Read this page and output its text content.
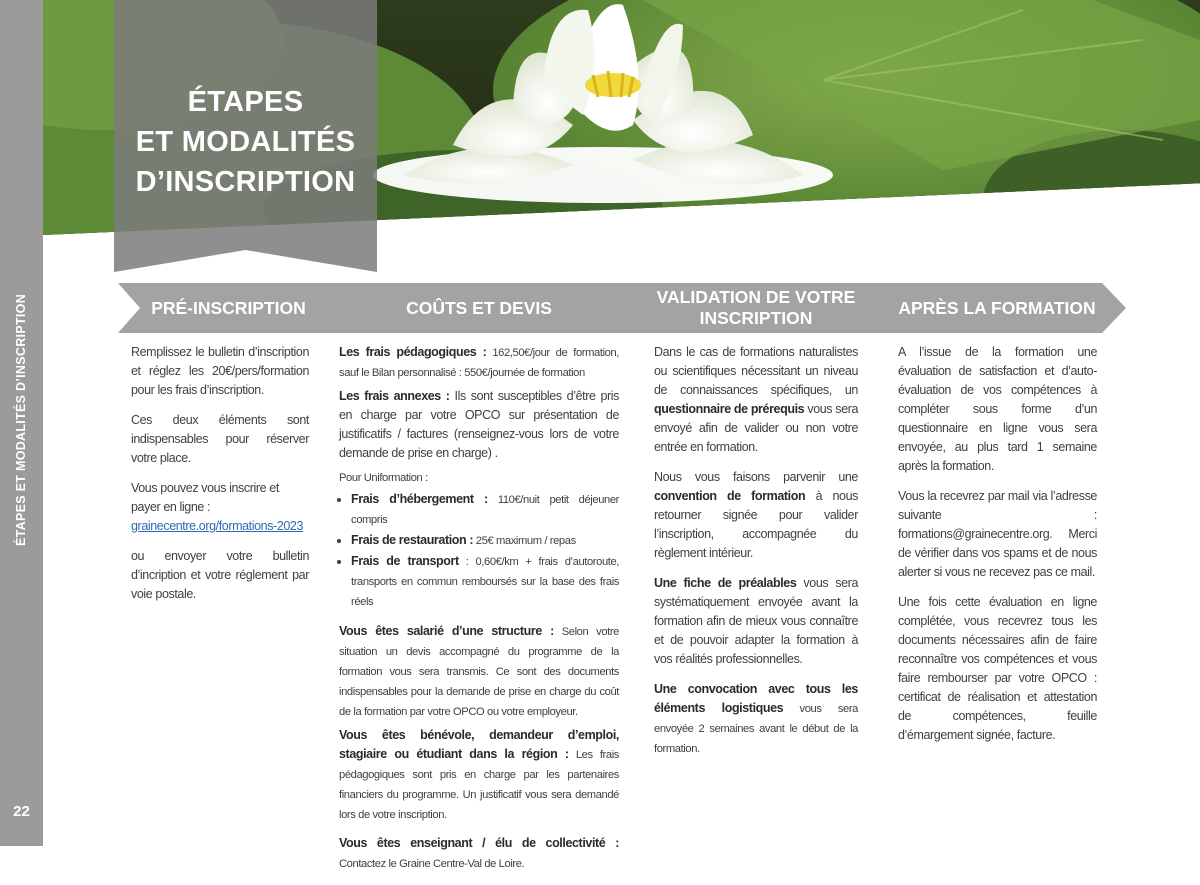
ÉTAPES ET MODALITÉS D’INSCRIPTION
22
ÉTAPES
ET MODALITÉS
D’INSCRIPTION
PRÉ-INSCRIPTION	COÛTS ET DEVIS
VALIDATION DE VOTRE INSCRIPTION
APRÈS LA FORMATION

Remplissez le bulletin d’inscription et réglez les 20€/pers/formation pour les frais d’inscription.

Ces deux éléments sont indispensables pour réserver votre place.

Vous pouvez vous inscrire et payer en ligne :
grainecentre.org/formations-2023

ou envoyer votre bulletin d’incription et votre réglement par voie postale.

Les frais pédagogiques : 162,50€/jour de formation, sauf le Bilan personnalisé : 550€/journée de formation

Les frais annexes : Ils sont susceptibles d’être pris en charge par votre OPCO sur présentation de justificatifs / factures (renseignez-vous lors de votre demande de prise en charge) .

Pour Uniformation :
• Frais d’hébergement : 110€/nuit petit déjeuner compris
• Frais de restauration : 25€ maximum / repas
• Frais de transport : 0,60€/km + frais d’autoroute, transports en commun remboursés sur la base des frais réels

Vous êtes salarié d’une structure : Selon votre situation un devis accompagné du programme de la formation vous sera transmis. Ce sont des documents indispensables pour la demande de prise en charge du coût de la formation par votre OPCO ou votre employeur.

Vous êtes bénévole, demandeur d’emploi, stagiaire ou étudiant dans la région : Les frais pédagogiques sont pris en charge par les partenaires financiers du programme. Un justificatif vous sera demandé lors de votre inscription.

Vous êtes enseignant / élu de collectivité : Contactez le Graine Centre-Val de Loire.

Dans le cas de formations naturalistes ou scientifiques nécessitant un niveau de connaissances spécifiques, un questionnaire de prérequis vous sera envoyé afin de valider ou non votre entrée en formation.

Nous vous faisons parvenir une convention de formation à nous retourner signée pour valider l’inscription, accompagnée du règlement intérieur.

Une fiche de préalables vous sera systématiquement envoyée avant la formation afin de mieux vous connaître et de pouvoir adapter la formation à vos réalités professionnelles.

Une convocation avec tous les éléments logistiques vous sera envoyée 2 semaines avant le début de la formation.

A l’issue de la formation une évaluation de satisfaction et d’auto-évaluation de vos compétences à compléter sous forme d’un questionnaire en ligne vous sera envoyée, au plus tard 1 semaine après la formation.

Vous la recevrez par mail via l’adresse suivante : formations@grainecentre.org. Merci de vérifier dans vos spams et de nous alerter si vous ne recevez pas ce mail.

Une fois cette évaluation en ligne complétée, vous recevrez tous les documents nécessaires afin de faire reconnaître vos compétences et vous faire rembourser par votre OPCO : certificat de réalisation et attestation de compétences, feuille d’émargement signée, facture.
